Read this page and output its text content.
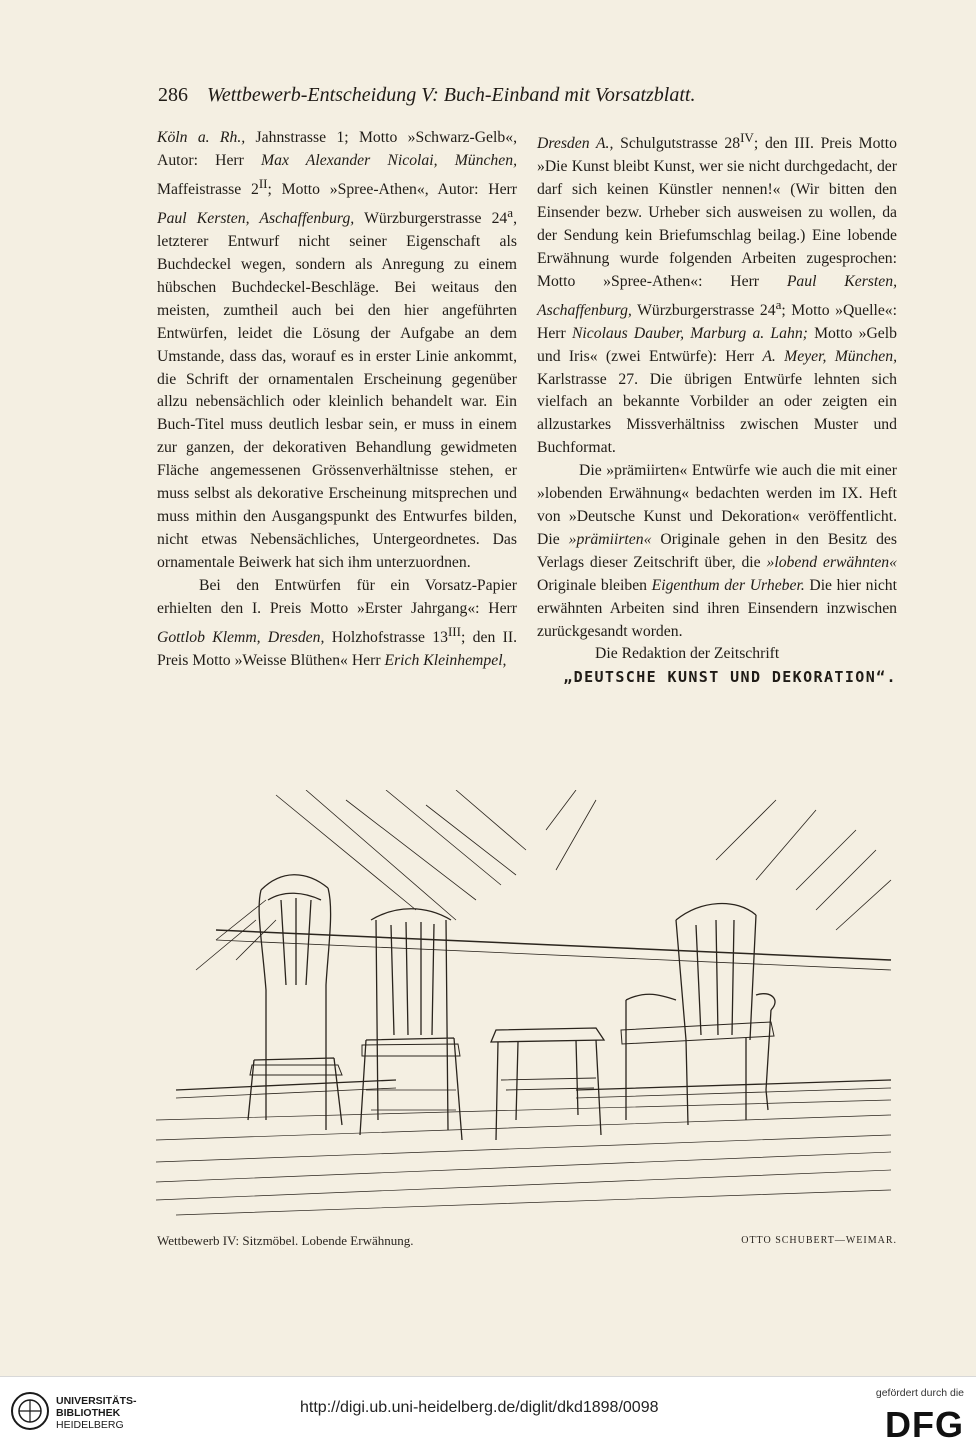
286 Wettbewerb-Entscheidung V: Buch-Einband mit Vorsatzblatt.

Köln a. Rh., Jahnstrasse 1; Motto »Schwarz-Gelb«, Autor: Herr Max Alexander Nicolai, München, Maffeistrasse $2^{II}$; Motto »Spree-Athen«, Autor: Herr Paul Kersten, Aschaffenburg, Würzburgerstrasse 24$^a$, letzterer Entwurf nicht seiner Eigenschaft als Buchdeckel wegen, sondern als Anregung zu einem hübschen Buchdeckel-Beschläge. Bei weitaus den meisten, zumtheil auch bei den hier angeführten Entwürfen, leidet die Lösung der Aufgabe an dem Umstande, dass das, worauf es in erster Linie ankommt, die Schrift der ornamentalen Erscheinung gegenüber allzu nebensächlich oder kleinlich behandelt war. Ein Buch-Titel muss deutlich lesbar sein, er muss in einem zur ganzen, der dekorativen Behandlung gewidmeten Fläche angemessenen Grössenverhältnisse stehen, er muss selbst als dekorative Erscheinung mitsprechen und muss mithin den Ausgangspunkt des Entwurfes bilden, nicht etwas Nebensächliches, Untergeordnetes. Das ornamentale Beiwerk hat sich ihm unterzuordnen.

Bei den Entwürfen für ein Vorsatz-Papier erhielten den I. Preis Motto »Erster Jahrgang«: Herr Gottlob Klemm, Dresden, Holzhofstrasse $13^{III}$; den II. Preis Motto »Weisse Blüthen« Herr Erich Kleinhempel,

Dresden A., Schulgutstrasse $28^{IV}$; den III. Preis Motto »Die Kunst bleibt Kunst, wer sie nicht durchgedacht, der darf sich keinen Künstler nennen!« (Wir bitten den Einsender bezw. Urheber sich ausweisen zu wollen, da der Sendung kein Briefumschlag beilag.) Eine lobende Erwähnung wurde folgenden Arbeiten zugesprochen: Motto »Spree-Athen«: Herr Paul Kersten, Aschaffenburg, Würzburgerstrasse 24$^a$; Motto »Quelle«: Herr Nicolaus Dauber, Marburg a. Lahn; Motto »Gelb und Iris« (zwei Entwürfe): Herr A. Meyer, München, Karlstrasse 27. Die übrigen Entwürfe lehnten sich vielfach an bekannte Vorbilder an oder zeigten ein allzustarkes Missverhältniss zwischen Muster und Buchformat.

Die »prämiirten« Entwürfe wie auch die mit einer »lobenden Erwähnung« bedachten werden im IX. Heft von »Deutsche Kunst und Dekoration« veröffentlicht. Die »prämiirten« Originale gehen in den Besitz des Verlags dieser Zeitschrift über, die »lobend erwähnten« Originale bleiben Eigenthum der Urheber. Die hier nicht erwähnten Arbeiten sind ihren Einsendern inzwischen zurückgesandt worden.

Die Redaktion der Zeitschrift

„DEUTSCHE KUNST UND DEKORATION“.
Wettbewerb IV: Sitzmöbel. Lobende Erwähnung.	OTTO SCHUBERT—WEIMAR.
UNIVERSITÄTS-
BIBLIOTHEK
HEIDELBERG
http://digi.ub.uni-heidelberg.de/diglit/dkd1898/0098
gefördert durch die
DFG
